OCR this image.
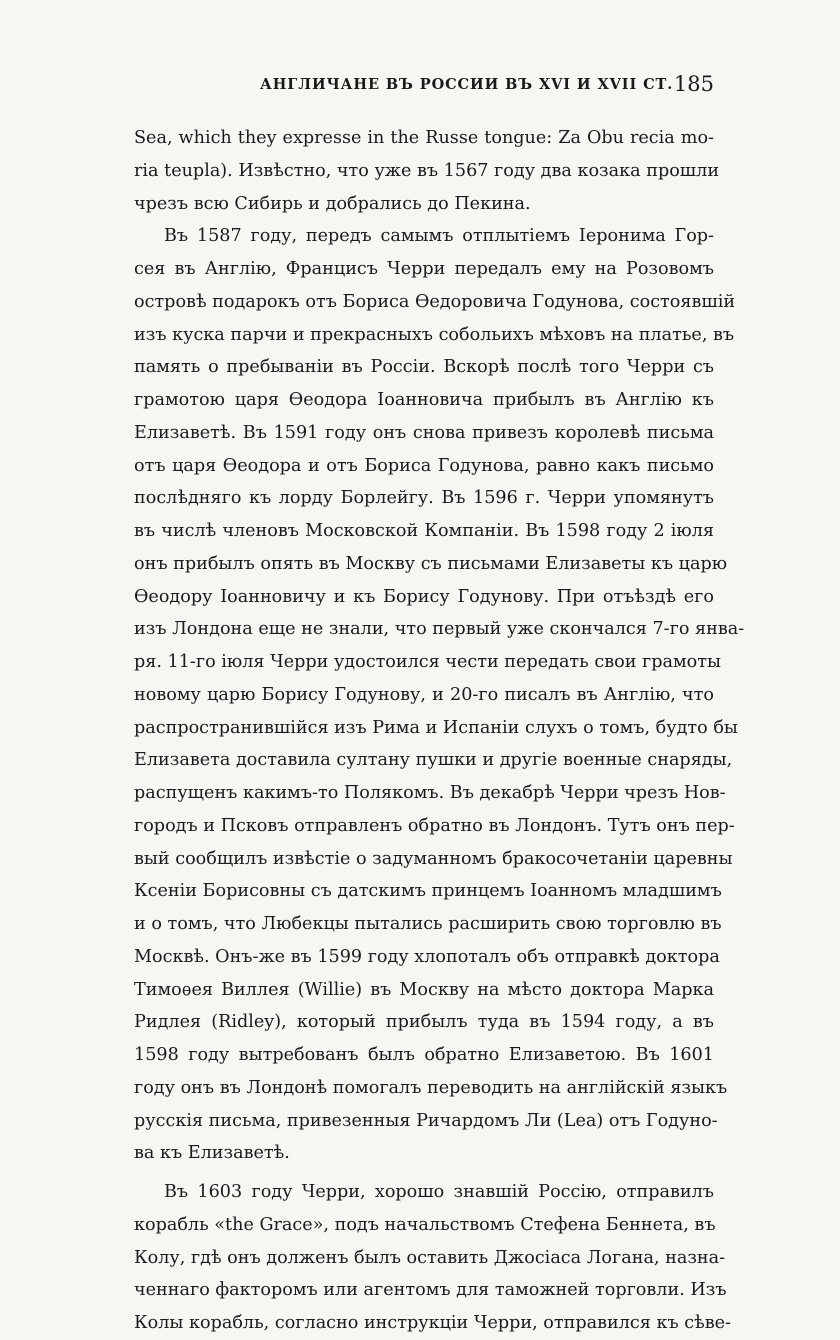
АНГЛИЧАНЕ ВЪ РОССИИ ВЪ XVI И XVII СТ. 185
Sea, which they expresse in the Russe tongue: Za Obu recia mo-
ria teupla). Извѣстно, что уже въ 1567 году два козака прошли
чрезъ всю Сибирь и добрались до Пекина.
Въ 1587 году, передъ самымъ отплытіемъ Іеронима Гор-
сея въ Англію, Францисъ Черри передалъ ему на Розовомъ
островѣ подарокъ отъ Бориса Ѳедоровича Годунова, состоявшій
изъ куска парчи и прекрасныхъ собольихъ мѣховъ на платье, въ
память о пребываніи въ Россіи. Вскорѣ послѣ того Черри съ
грамотою царя Ѳеодора Іоанновича прибылъ въ Англію къ
Елизаветѣ. Въ 1591 году онъ снова привезъ королевѣ письма
отъ царя Ѳеодора и отъ Бориса Годунова, равно какъ письмо
послѣдняго къ лорду Борлейгу. Въ 1596 г. Черри упомянутъ
въ числѣ членовъ Московской Компаніи. Въ 1598 году 2 іюля
онъ прибылъ опять въ Москву съ письмами Елизаветы къ царю
Ѳеодору Іоанновичу и къ Борису Годунову. При отъѣздѣ его
изъ Лондона еще не знали, что первый уже скончался 7-го янва-
ря. 11-го іюля Черри удостоился чести передать свои грамоты
новому царю Борису Годунову, и 20-го писалъ въ Англію, что
распространившійся изъ Рима и Испаніи слухъ о томъ, будто бы
Елизавета доставила султану пушки и другіе военные снаряды,
распущенъ какимъ-то Полякомъ. Въ декабрѣ Черри чрезъ Нов-
городъ и Псковъ отправленъ обратно въ Лондонъ. Тутъ онъ пер-
вый сообщилъ извѣстіе о задуманномъ бракосочетаніи царевны
Ксеніи Борисовны съ датскимъ принцемъ Іоанномъ младшимъ
и о томъ, что Любекцы пытались расширить свою торговлю въ
Москвѣ. Онъ-же въ 1599 году хлопоталъ объ отправкѣ доктора
Тимоѳея Виллея (Willie) въ Москву на мѣсто доктора Марка
Ридлея (Ridley), который прибылъ туда въ 1594 году, а въ
1598 году вытребованъ былъ обратно Елизаветою. Въ 1601
году онъ въ Лондонѣ помогалъ переводить на англійскій языкъ
русскія письма, привезенныя Ричардомъ Ли (Lea) отъ Годуно-
ва къ Елизаветѣ.
Въ 1603 году Черри, хорошо знавшій Россію, отправилъ
корабль «the Grace», подъ начальствомъ Стефена Беннета, въ
Колу, гдѣ онъ долженъ былъ оставить Джосіаса Логана, назна-
ченнаго факторомъ или агентомъ для таможней торговли. Изъ
Колы корабль, согласно инструкціи Черри, отправился къ сѣве-
